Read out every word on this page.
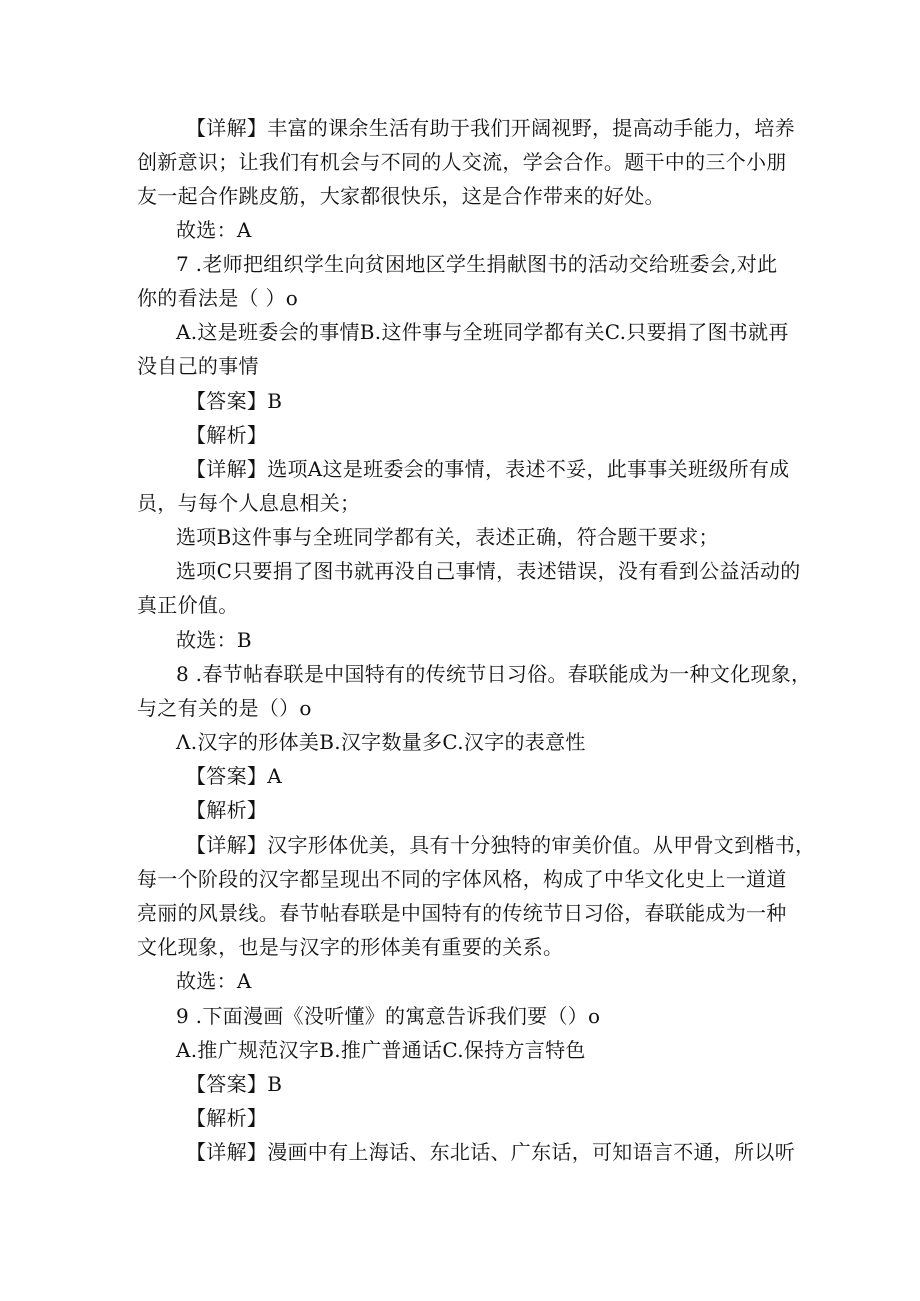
【详解】丰富的课余生活有助于我们开阔视野，提高动手能力，培养
创新意识；让我们有机会与不同的人交流，学会合作。题干中的三个小朋
友一起合作跳皮筋，大家都很快乐，这是合作带来的好处。
故选：A
7 .老师把组织学生向贫困地区学生捐献图书的活动交给班委会,对此
你的看法是（ ）o
A.这是班委会的事情B.这件事与全班同学都有关C.只要捐了图书就再
没自己的事情
【答案】B
【解析】
【详解】选项A这是班委会的事情，表述不妥，此事事关班级所有成
员，与每个人息息相关；
选项B这件事与全班同学都有关，表述正确，符合题干要求；
选项C只要捐了图书就再没自己事情，表述错误，没有看到公益活动的
真正价值。
故选：B
8 .春节帖春联是中国特有的传统节日习俗。春联能成为一种文化现象，
与之有关的是（）o
Λ.汉字的形体美B.汉字数量多C.汉字的表意性
【答案】A
【解析】
【详解】汉字形体优美，具有十分独特的审美价值。从甲骨文到楷书，
每一个阶段的汉字都呈现出不同的字体风格，构成了中华文化史上一道道
亮丽的风景线。春节帖春联是中国特有的传统节日习俗，春联能成为一种
文化现象，也是与汉字的形体美有重要的关系。
故选：A
9 .下面漫画《没听懂》的寓意告诉我们要（）o
A.推广规范汉字B.推广普通话C.保持方言特色
【答案】B
【解析】
【详解】漫画中有上海话、东北话、广东话，可知语言不通，所以听
